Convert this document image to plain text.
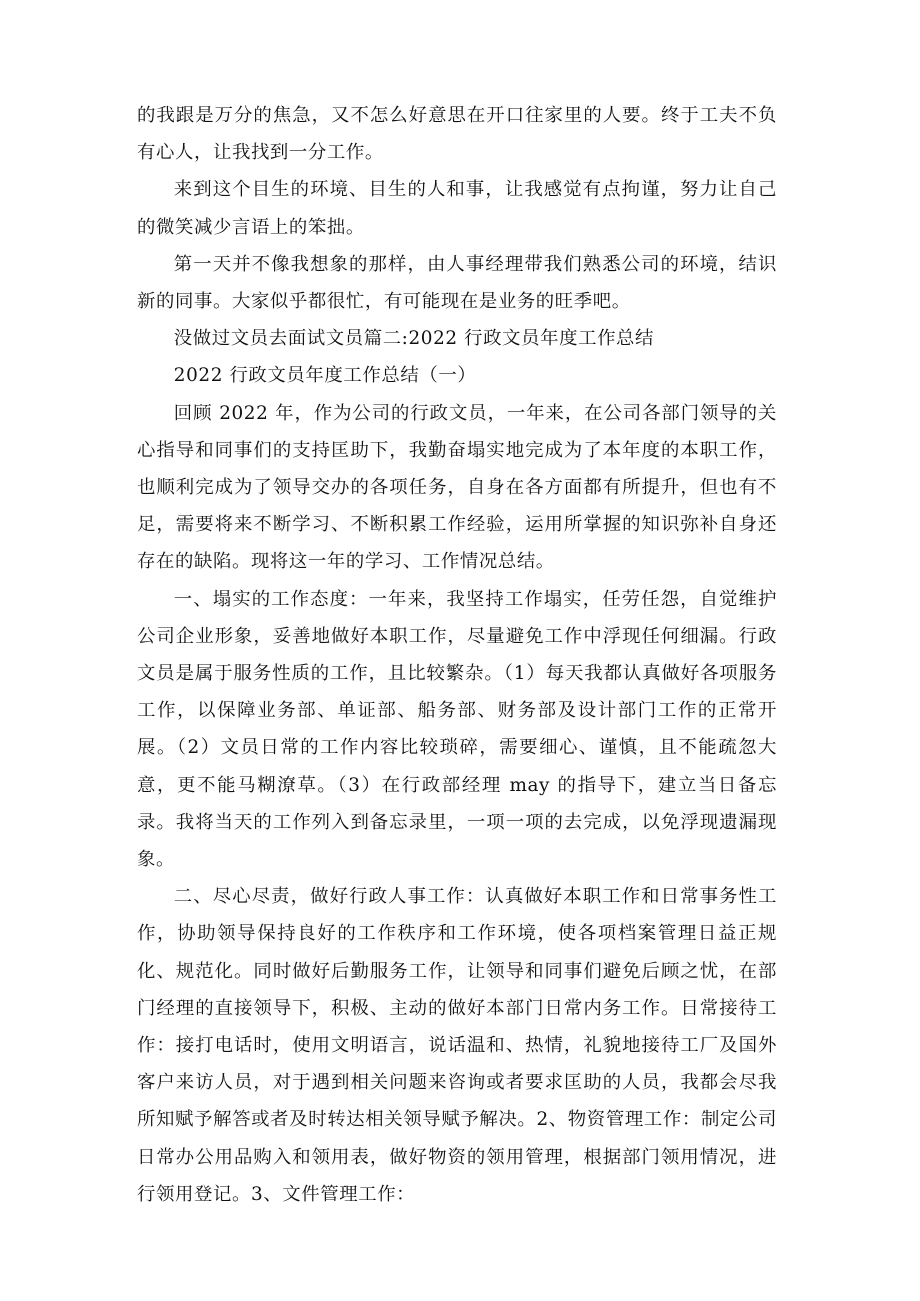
的我跟是万分的焦急，又不怎么好意思在开口往家里的人要。终于工夫不负有心人，让我找到一分工作。

来到这个目生的环境、目生的人和事，让我感觉有点拘谨，努力让自己的微笑减少言语上的笨拙。

第一天并不像我想象的那样，由人事经理带我们熟悉公司的环境，结识新的同事。大家似乎都很忙，有可能现在是业务的旺季吧。

没做过文员去面试文员篇二:2022 行政文员年度工作总结

2022 行政文员年度工作总结（一）

回顾 2022 年，作为公司的行政文员，一年来，在公司各部门领导的关心指导和同事们的支持匡助下，我勤奋塌实地完成为了本年度的本职工作，也顺利完成为了领导交办的各项任务，自身在各方面都有所提升，但也有不足，需要将来不断学习、不断积累工作经验，运用所掌握的知识弥补自身还存在的缺陷。现将这一年的学习、工作情况总结。

一、塌实的工作态度：一年来，我坚持工作塌实，任劳任怨，自觉维护公司企业形象，妥善地做好本职工作，尽量避免工作中浮现任何细漏。行政文员是属于服务性质的工作，且比较繁杂。（1）每天我都认真做好各项服务工作，以保障业务部、单证部、船务部、财务部及设计部门工作的正常开展。（2）文员日常的工作内容比较琐碎，需要细心、谨慎，且不能疏忽大意，更不能马糊潦草。（3）在行政部经理 may 的指导下，建立当日备忘录。我将当天的工作列入到备忘录里，一项一项的去完成，以免浮现遗漏现象。

二、尽心尽责，做好行政人事工作：认真做好本职工作和日常事务性工作，协助领导保持良好的工作秩序和工作环境，使各项档案管理日益正规化、规范化。同时做好后勤服务工作，让领导和同事们避免后顾之忧，在部门经理的直接领导下，积极、主动的做好本部门日常内务工作。日常接待工作：接打电话时，使用文明语言，说话温和、热情，礼貌地接待工厂及国外客户来访人员，对于遇到相关问题来咨询或者要求匡助的人员，我都会尽我所知赋予解答或者及时转达相关领导赋予解决。2、物资管理工作：制定公司日常办公用品购入和领用表，做好物资的领用管理，根据部门领用情况，进行领用登记。3、文件管理工作：
